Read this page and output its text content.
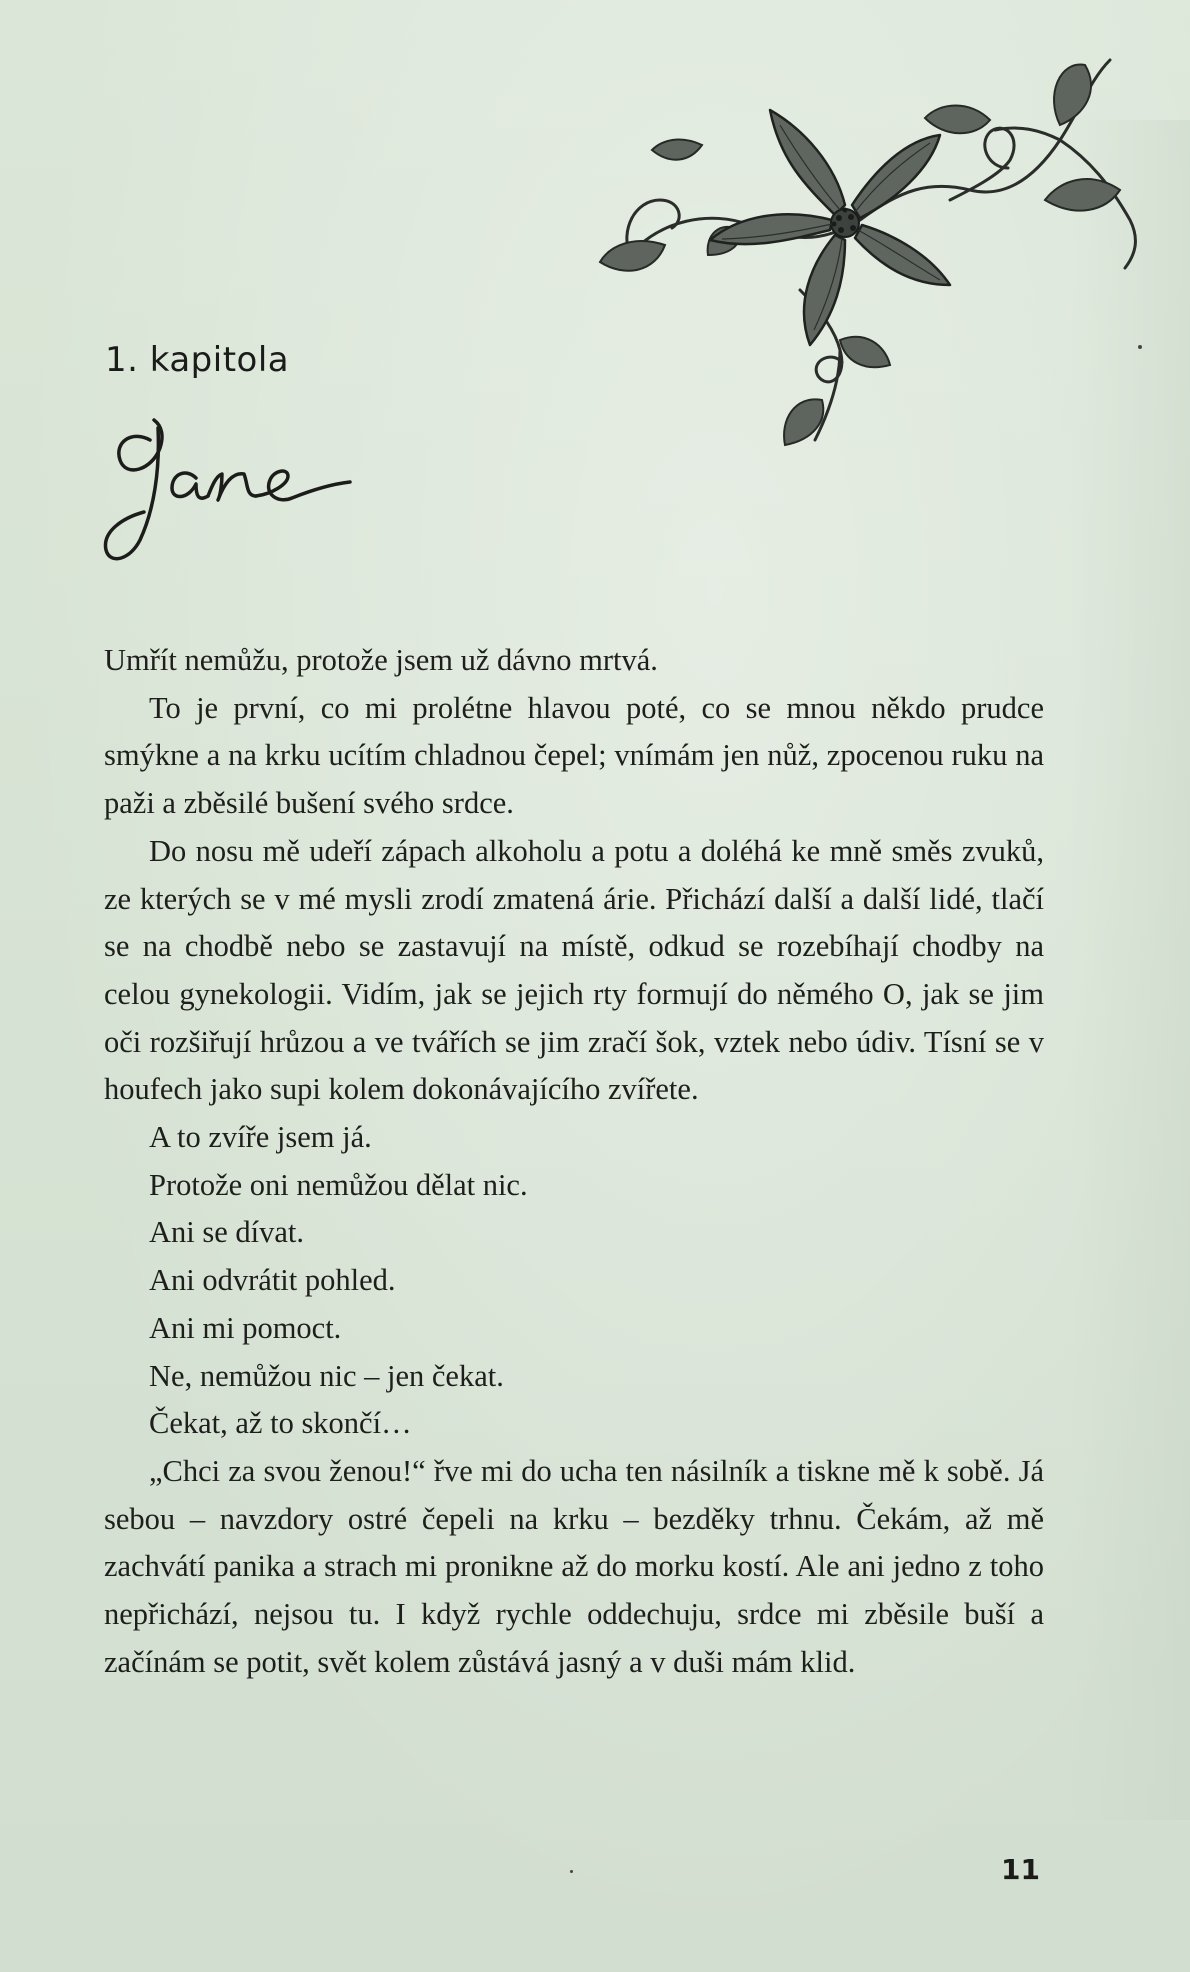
1. kapitola

Umřít nemůžu, protože jsem už dávno mrtvá.

To je první, co mi prolétne hlavou poté, co se mnou někdo prudce smýkne a na krku ucítím chladnou čepel; vnímám jen nůž, zpocenou ruku na paži a zběsilé bušení svého srdce.

Do nosu mě udeří zápach alkoholu a potu a doléhá ke mně směs zvuků, ze kterých se v mé mysli zrodí zmatená árie. Přichází další a další lidé, tlačí se na chodbě nebo se zastavují na místě, odkud se rozebíhají chodby na celou gynekologii. Vidím, jak se jejich rty formují do němého O, jak se jim oči rozšiřují hrůzou a ve tvářích se jim zračí šok, vztek nebo údiv. Tísní se v houfech jako supi kolem dokonávajícího zvířete.

A to zvíře jsem já.

Protože oni nemůžou dělat nic.

Ani se dívat.

Ani odvrátit pohled.

Ani mi pomoct.

Ne, nemůžou nic – jen čekat.

Čekat, až to skončí…

„Chci za svou ženou!“ řve mi do ucha ten násilník a tiskne mě k sobě. Já sebou – navzdory ostré čepeli na krku – bezděky trhnu. Čekám, až mě zachvátí panika a strach mi pronikne až do morku kostí. Ale ani jedno z toho nepřichází, nejsou tu. I když rychle oddechuju, srdce mi zběsile buší a začínám se potit, svět kolem zůstává jasný a v duši mám klid.

11
